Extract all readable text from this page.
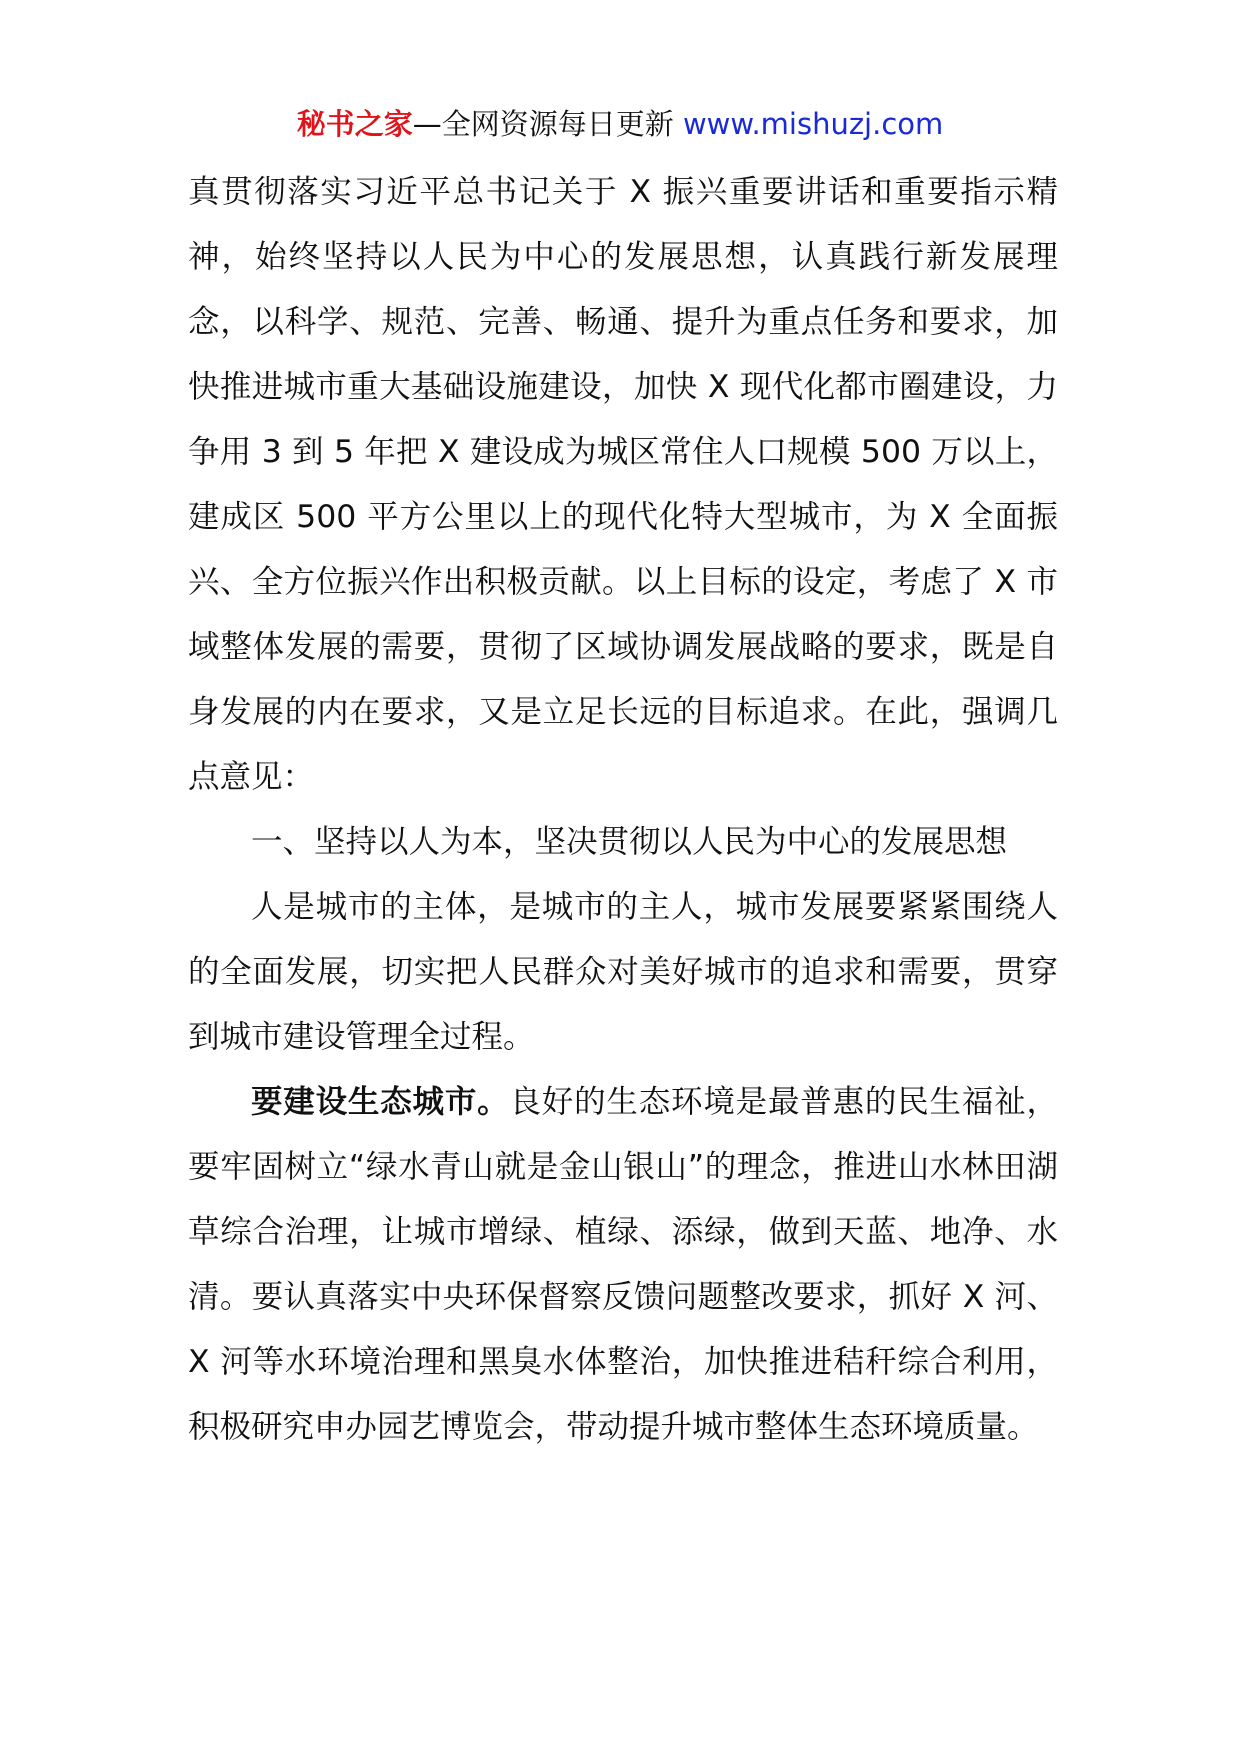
秘书之家—全网资源每日更新 www.mishuzj.com

真贯彻落实习近平总书记关于 X 振兴重要讲话和重要指示精神，始终坚持以人民为中心的发展思想，认真践行新发展理念，以科学、规范、完善、畅通、提升为重点任务和要求，加快推进城市重大基础设施建设，加快 X 现代化都市圈建设，力争用 3 到 5 年把 X 建设成为城区常住人口规模 500 万以上，建成区 500 平方公里以上的现代化特大型城市，为 X 全面振兴、全方位振兴作出积极贡献。以上目标的设定，考虑了 X 市域整体发展的需要，贯彻了区域协调发展战略的要求，既是自身发展的内在要求，又是立足长远的目标追求。在此，强调几点意见：

一、坚持以人为本，坚决贯彻以人民为中心的发展思想

人是城市的主体，是城市的主人，城市发展要紧紧围绕人的全面发展，切实把人民群众对美好城市的追求和需要，贯穿到城市建设管理全过程。

要建设生态城市。良好的生态环境是最普惠的民生福祉，要牢固树立“绿水青山就是金山银山”的理念，推进山水林田湖草综合治理，让城市增绿、植绿、添绿，做到天蓝、地净、水清。要认真落实中央环保督察反馈问题整改要求，抓好 X 河、X 河等水环境治理和黑臭水体整治，加快推进秸秆综合利用，积极研究申办园艺博览会，带动提升城市整体生态环境质量。
